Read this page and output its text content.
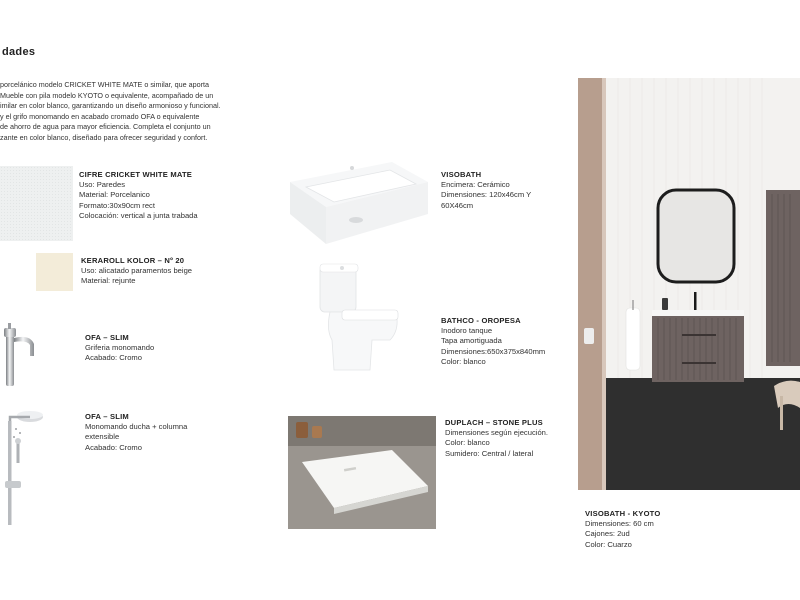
dades

porcelánico modelo CRICKET WHITE MATE o similar, que aporta

Mueble con pila modelo KYOTO o equivalente, acompañado de un

imilar en color blanco, garantizando un diseño armonioso y funcional.

y el grifo monomando en acabado cromado OFA o equivalente

de ahorro de agua para mayor eficiencia. Completa el conjunto un

zante en color blanco, diseñado para ofrecer seguridad y confort.

CIFRE CRICKET WHITE MATE
Uso: Paredes
Material: Porcelanico
Formato:30x90cm rect
Colocación: vertical a junta trabada
KERAROLL KOLOR – Nº 20
Uso: alicatado paramentos beige
Material: rejunte
OFA – SLIM
Griferia monomando
Acabado: Cromo
OFA – SLIM
Monomando ducha + columna
extensible
Acabado: Cromo
VISOBATH
Encimera: Cerámico
Dimensiones: 120x46cm Y
60X46cm
BATHCO - OROPESA
Inodoro tanque
Tapa amortiguada
Dimensiones:650x375x840mm
Color: blanco
DUPLACH – STONE PLUS
Dimensiones según ejecución.
Color: blanco
Sumidero: Central / lateral
VISOBATH - KYOTO
Dimensiones: 60 cm
Cajones: 2ud
Color: Cuarzo
